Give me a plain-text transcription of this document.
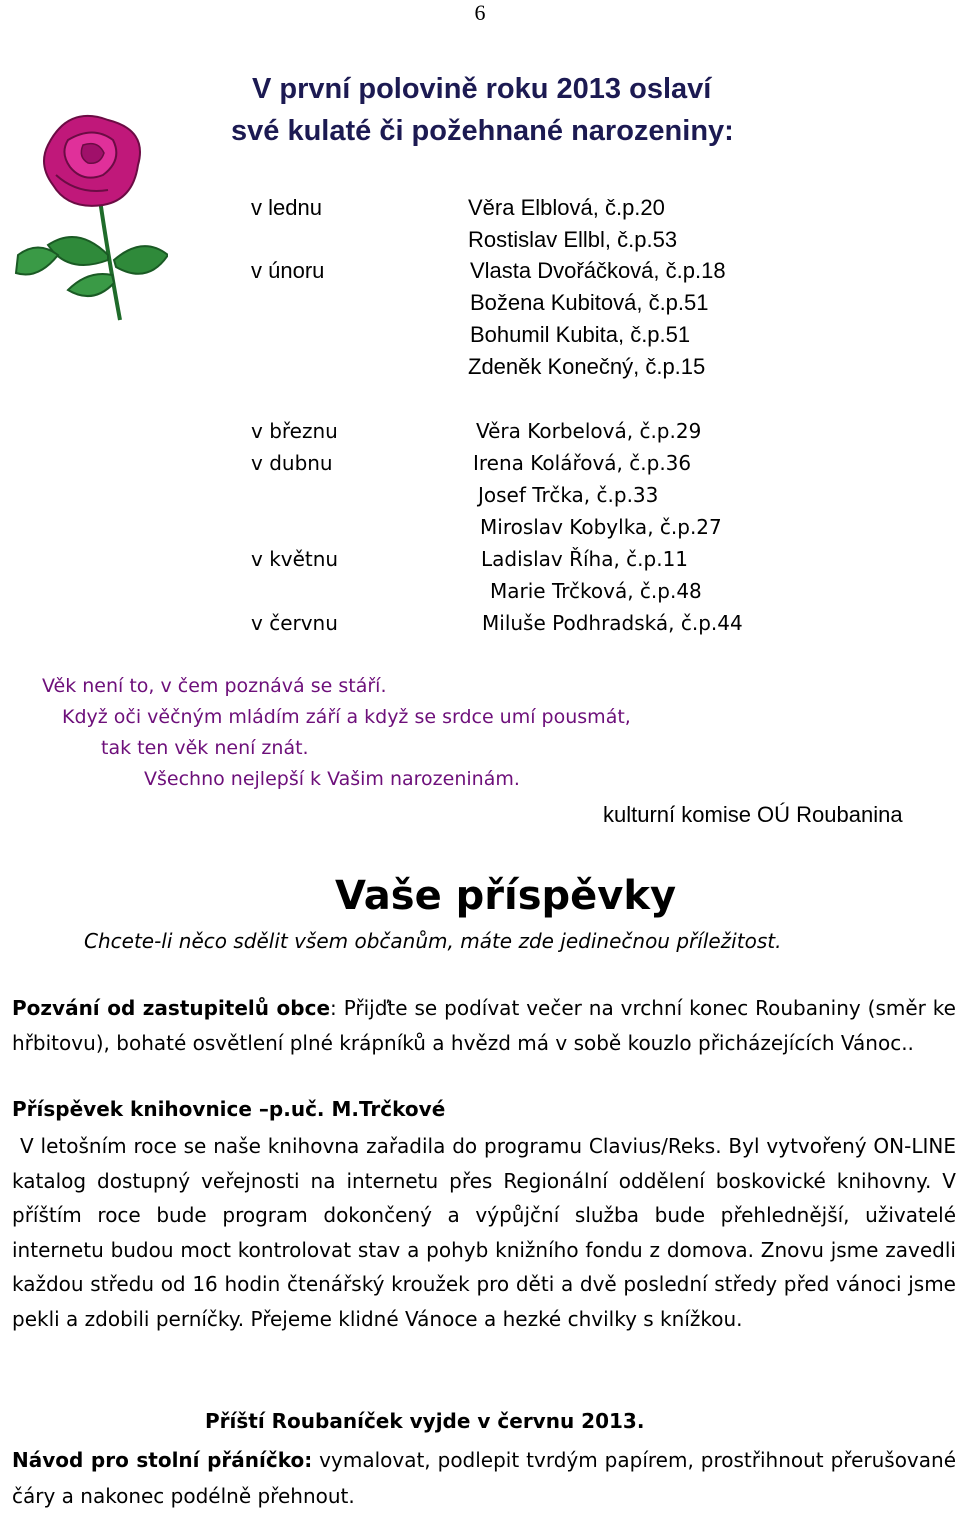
6
V první polovině roku 2013 oslaví
své kulaté či požehnané narozeniny:
v lednu	Věra Elblová, č.p.20
Rostislav Ellbl, č.p.53
v únoru	Vlasta Dvořáčková, č.p.18
Božena Kubitová, č.p.51
Bohumil Kubita, č.p.51
Zdeněk Konečný, č.p.15
v březnu	Věra Korbelová, č.p.29
v dubnu	Irena Kolářová, č.p.36
Josef Trčka, č.p.33
Miroslav Kobylka, č.p.27
v květnu	Ladislav Říha, č.p.11
Marie Trčková, č.p.48
v červnu	Miluše Podhradská, č.p.44
Věk není to, v čem poznává se stáří.
Když oči věčným mládím září a když se srdce umí pousmát,
tak ten věk není znát.
Všechno nejlepší k Vašim narozeninám.
kulturní komise OÚ Roubanina
Vaše příspěvky
Chcete-li něco sdělit všem občanům, máte zde jedinečnou příležitost.

Pozvání od zastupitelů obce: Přijďte se podívat večer na vrchní konec Roubaniny (směr ke hřbitovu), bohaté osvětlení plné krápníků a hvězd má v sobě kouzlo přicházejících Vánoc..

Příspěvek knihovnice –p.uč. M.Trčkové

V letošním roce se naše knihovna zařadila do programu Clavius/Reks. Byl vytvořený ON-LINE katalog dostupný veřejnosti na internetu přes Regionální oddělení boskovické knihovny. V příštím roce bude program dokončený a výpůjční služba bude přehlednější, uživatelé internetu budou moct kontrolovat stav a pohyb knižního fondu z domova. Znovu jsme zavedli každou středu od 16 hodin čtenářský kroužek pro děti a dvě poslední středy před vánoci jsme pekli a zdobili perníčky. Přejeme klidné Vánoce a hezké chvilky s knížkou.

Příští Roubaníček vyjde v červnu 2013.

Návod pro stolní přáníčko: vymalovat, podlepit tvrdým papírem, prostřihnout přerušované čáry a nakonec podélně přehnout.
